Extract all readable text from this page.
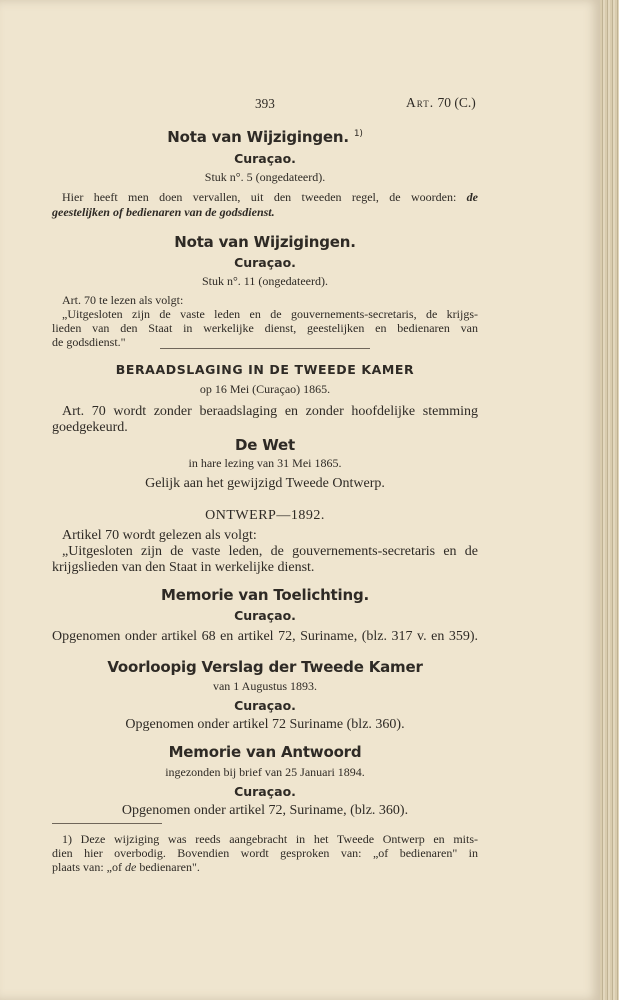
393	Art. 70 (C.)
Nota van Wijzigingen. $^{1)}$
Curaçao.
Stuk n°. 5 (ongedateerd).
Hier heeft men doen vervallen, uit den tweeden regel, de woorden: de
geestelijken of bedienaren van de godsdienst.
Nota van Wijzigingen.
Curaçao.
Stuk n°. 11 (ongedateerd).
Art. 70 te lezen als volgt:
„Uitgesloten zijn de vaste leden en de gouvernements-secretaris, de krijgs-
lieden van den Staat in werkelijke dienst, geestelijken en bedienaren van
de godsdienst."
BERAADSLAGING IN DE TWEEDE KAMER
op 16 Mei (Curaçao) 1865.
Art. 70 wordt zonder beraadslaging en zonder hoofdelijke stemming
goedgekeurd.
De Wet
in hare lezing van 31 Mei 1865.
Gelijk aan het gewijzigd Tweede Ontwerp.
ONTWERP—1892.
Artikel 70 wordt gelezen als volgt:
„Uitgesloten zijn de vaste leden, de gouvernements-secretaris en de
krijgslieden van den Staat in werkelijke dienst.
Memorie van Toelichting.
Curaçao.
Opgenomen onder artikel 68 en artikel 72, Suriname, (blz. 317 v. en 359).
Voorloopig Verslag der Tweede Kamer
van 1 Augustus 1893.
Curaçao.
Opgenomen onder artikel 72 Suriname (blz. 360).
Memorie van Antwoord
ingezonden bij brief van 25 Januari 1894.
Curaçao.
Opgenomen onder artikel 72, Suriname, (blz. 360).
1) Deze wijziging was reeds aangebracht in het Tweede Ontwerp en mits-
dien hier overbodig. Bovendien wordt gesproken van: „of bedienaren" in
plaats van: „of de bedienaren".
